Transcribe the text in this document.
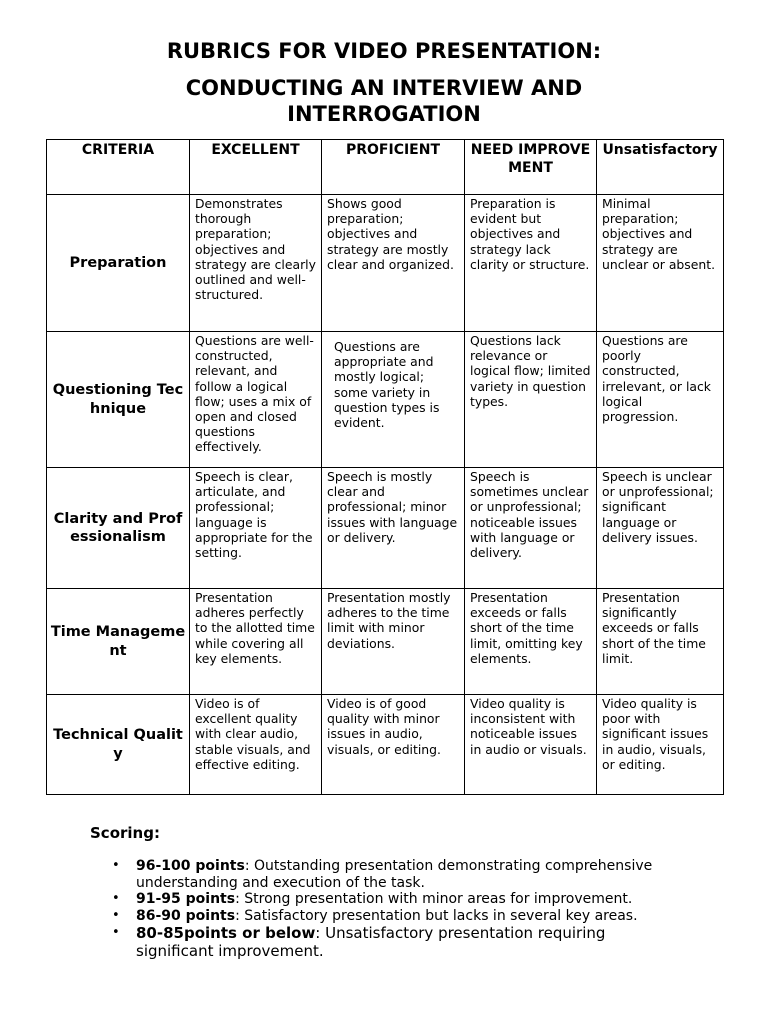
RUBRICS FOR VIDEO PRESENTATION:
CONDUCTING AN INTERVIEW AND
INTERROGATION
CRITERIA	EXCELLENT	PROFICIENT	NEED IMPROVEMENT	Unsatisfactory
Preparation	Demonstrates thorough preparation; objectives and strategy are clearly outlined and well-structured.	Shows good preparation; objectives and strategy are mostly clear and organized.	Preparation is evident but objectives and strategy lack clarity or structure.	Minimal preparation; objectives and strategy are unclear or absent.
Questioning Technique	Questions are well-constructed, relevant, and follow a logical flow; uses a mix of open and closed questions effectively.	Questions are appropriate and mostly logical; some variety in question types is evident.	Questions lack relevance or logical flow; limited variety in question types.	Questions are poorly constructed, irrelevant, or lack logical progression.
Clarity and Professionalism	Speech is clear, articulate, and professional; language is appropriate for the setting.	Speech is mostly clear and professional; minor issues with language or delivery.	Speech is sometimes unclear or unprofessional; noticeable issues with language or delivery.	Speech is unclear or unprofessional; significant language or delivery issues.
Time Management	Presentation adheres perfectly to the allotted time while covering all key elements.	Presentation mostly adheres to the time limit with minor deviations.	Presentation exceeds or falls short of the time limit, omitting key elements.	Presentation significantly exceeds or falls short of the time limit.
Technical Quality	Video is of excellent quality with clear audio, stable visuals, and effective editing.	Video is of good quality with minor issues in audio, visuals, or editing.	Video quality is inconsistent with noticeable issues in audio or visuals.	Video quality is poor with significant issues in audio, visuals, or editing.
Scoring:
• 96-100 points: Outstanding presentation demonstrating comprehensive understanding and execution of the task.
• 91-95 points: Strong presentation with minor areas for improvement.
• 86-90 points: Satisfactory presentation but lacks in several key areas.
• 80-85points or below: Unsatisfactory presentation requiring significant improvement.
